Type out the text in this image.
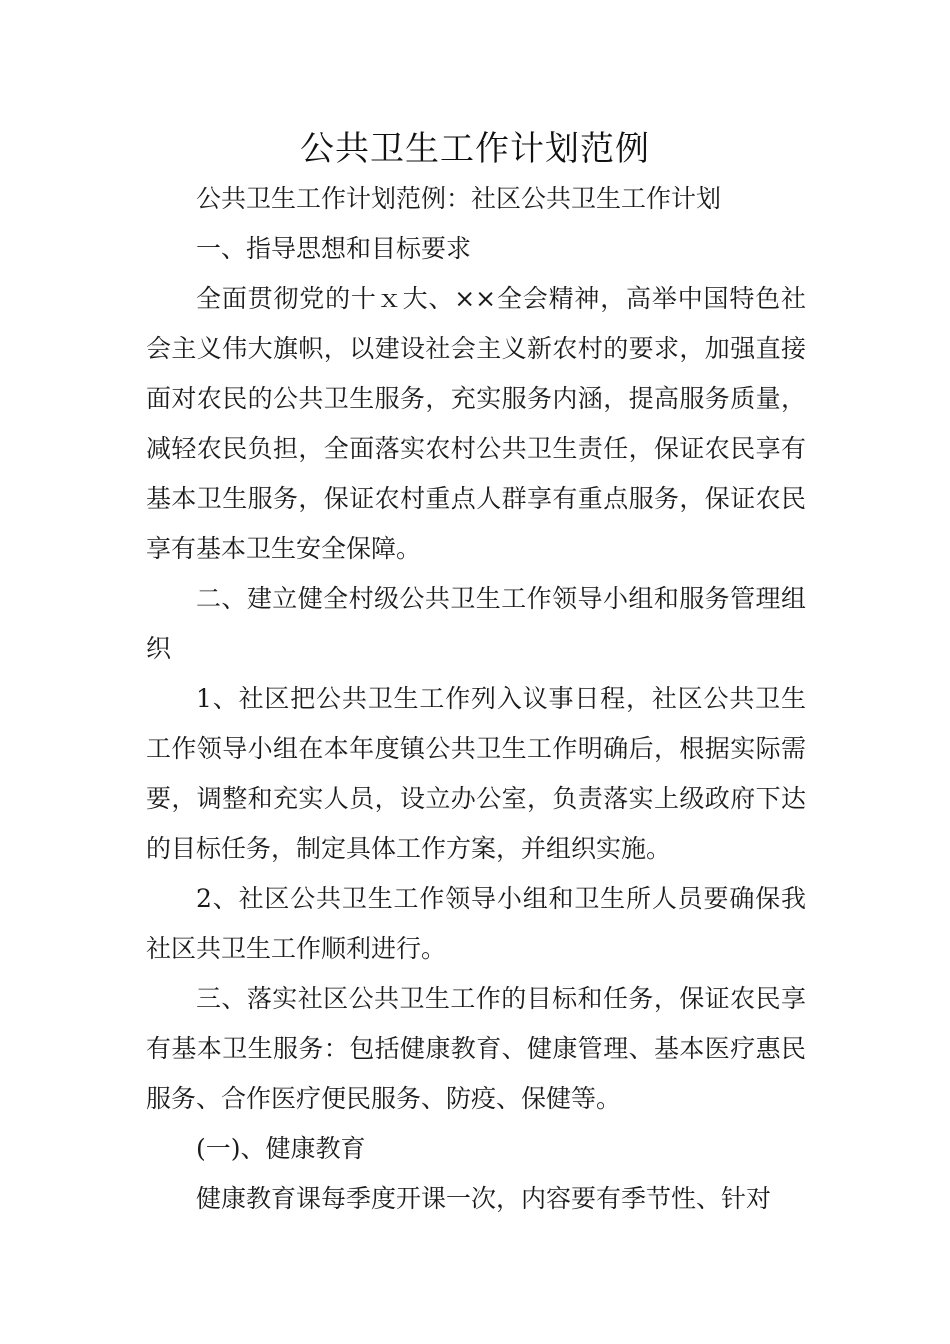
公共卫生工作计划范例

公共卫生工作计划范例：社区公共卫生工作计划

一、指导思想和目标要求

全面贯彻党的十ｘ大、××全会精神，高举中国特色社会主义伟大旗帜，以建设社会主义新农村的要求，加强直接面对农民的公共卫生服务，充实服务内涵，提高服务质量，减轻农民负担，全面落实农村公共卫生责任，保证农民享有基本卫生服务，保证农村重点人群享有重点服务，保证农民享有基本卫生安全保障。

二、建立健全村级公共卫生工作领导小组和服务管理组织

1、社区把公共卫生工作列入议事日程，社区公共卫生工作领导小组在本年度镇公共卫生工作明确后，根据实际需要，调整和充实人员，设立办公室，负责落实上级政府下达的目标任务，制定具体工作方案，并组织实施。

2、社区公共卫生工作领导小组和卫生所人员要确保我社区共卫生工作顺利进行。

三、落实社区公共卫生工作的目标和任务，保证农民享有基本卫生服务：包括健康教育、健康管理、基本医疗惠民服务、合作医疗便民服务、防疫、保健等。

(一)、健康教育

健康教育课每季度开课一次，内容要有季节性、针对
